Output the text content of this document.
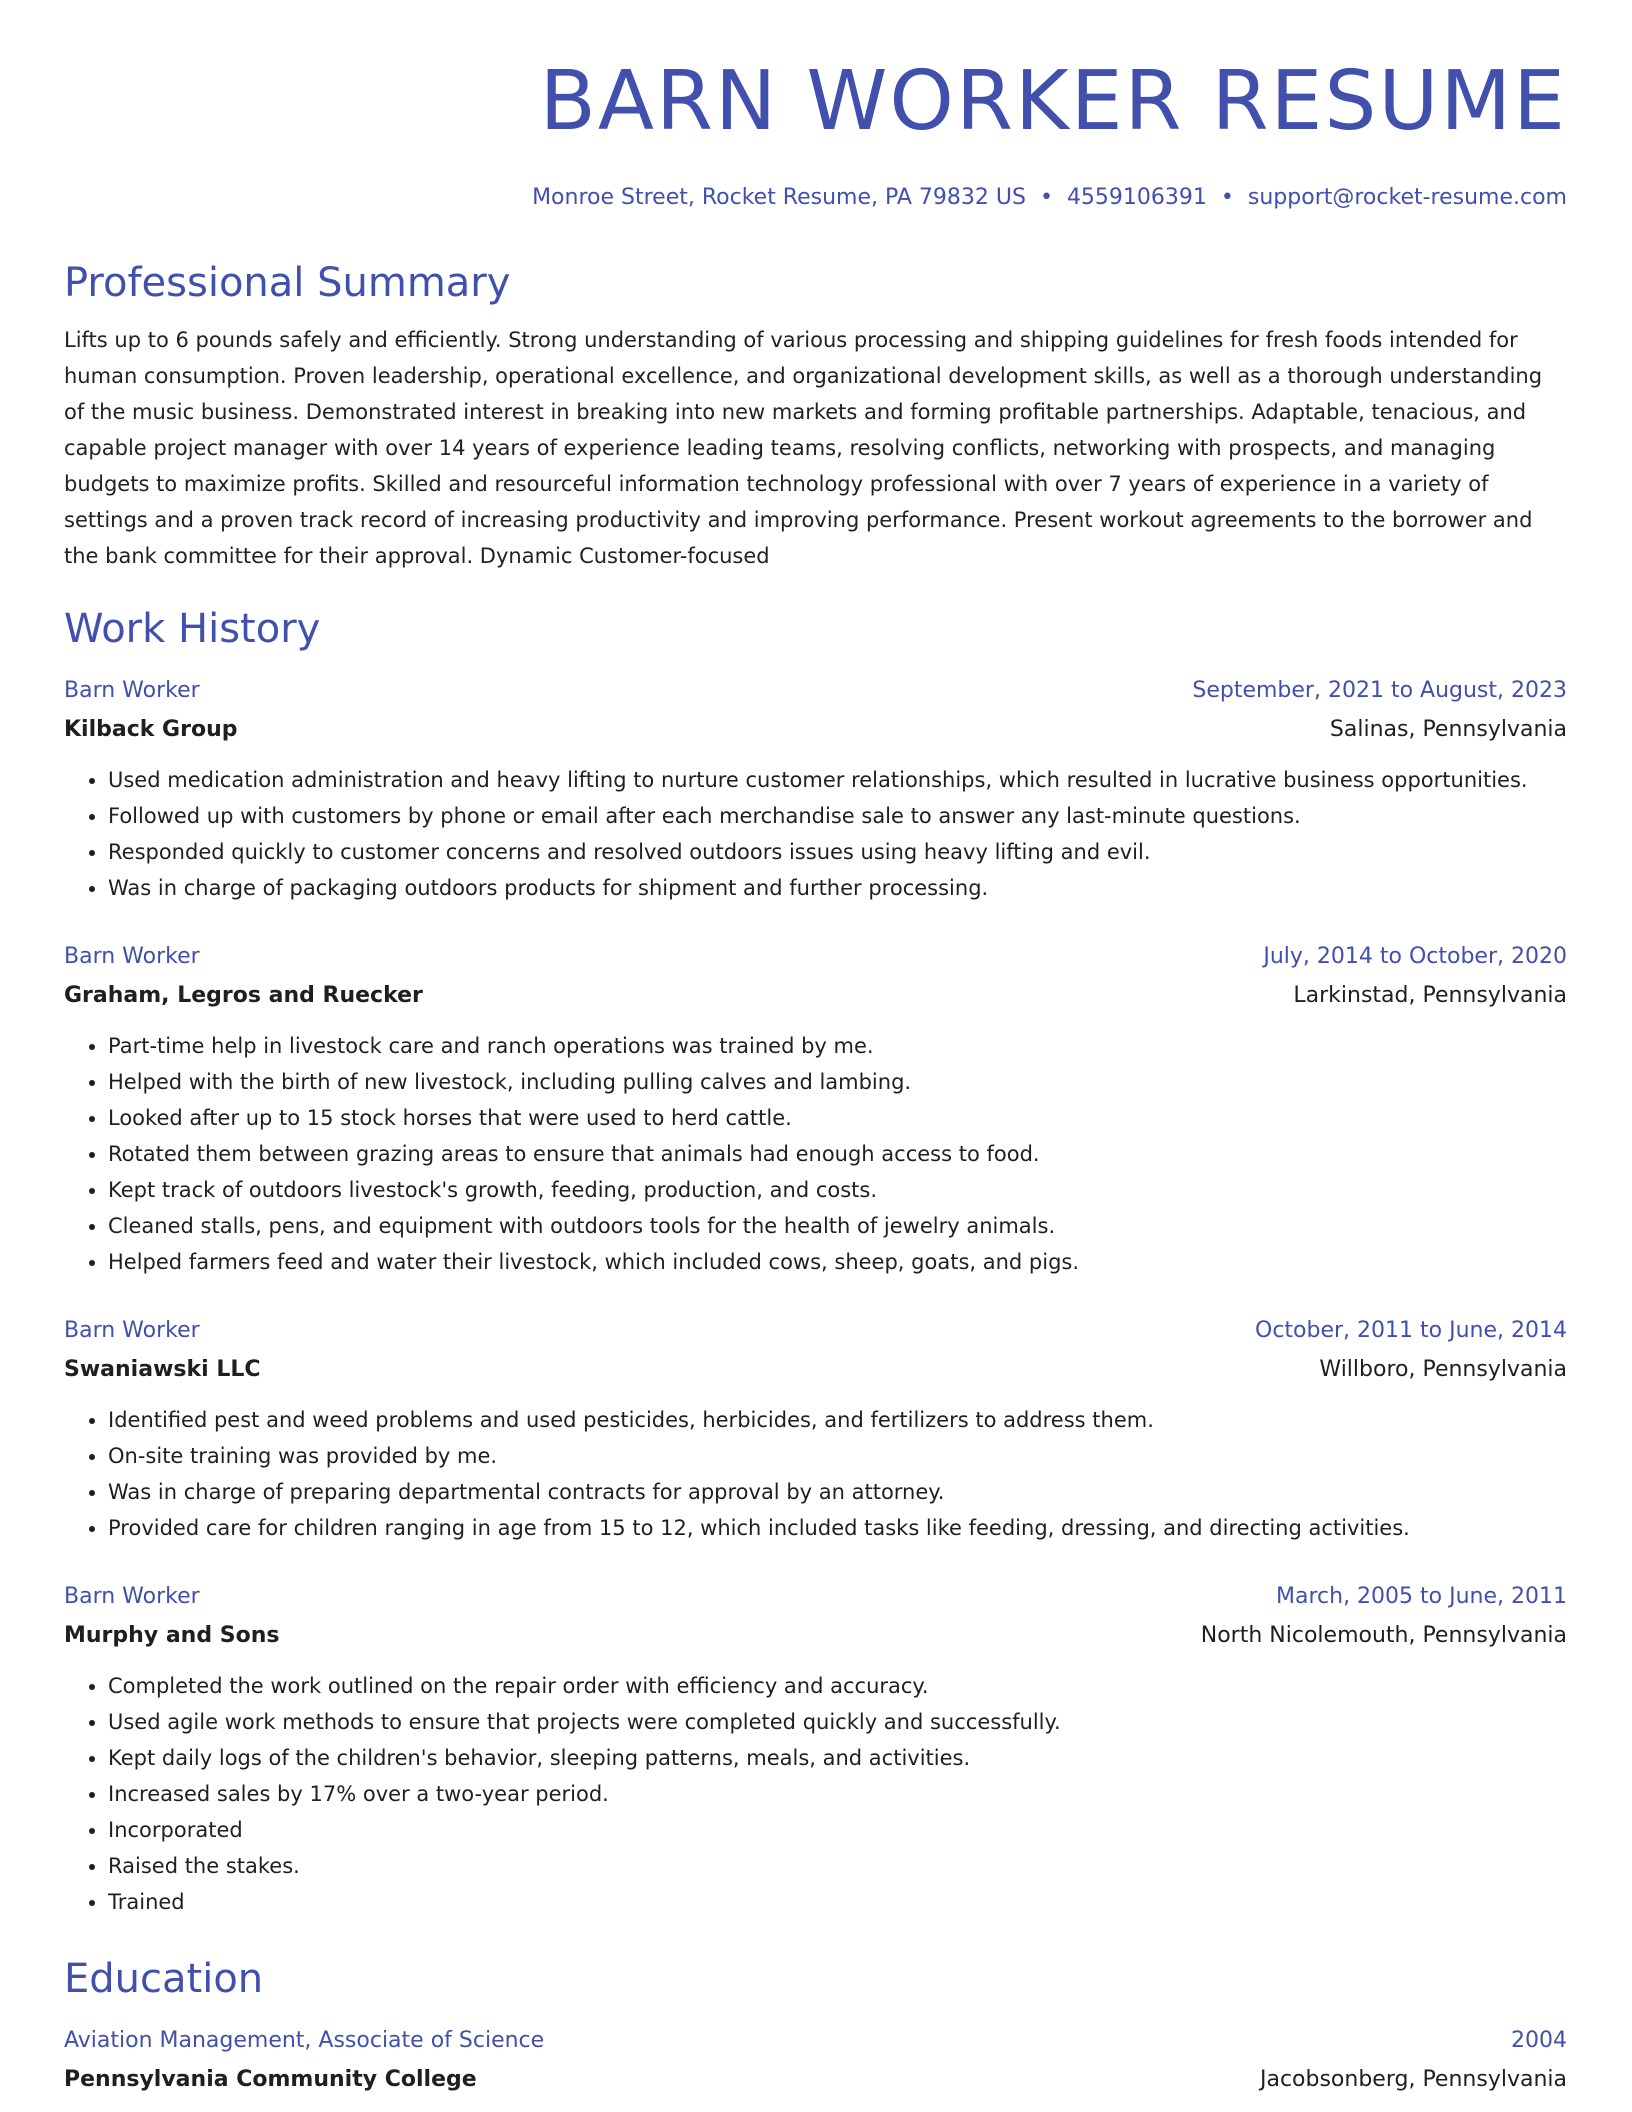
BARN WORKER RESUME
Monroe Street, Rocket Resume, PA 79832 US • 4559106391 • support@rocket-resume.com
Professional Summary
Lifts up to 6 pounds safely and efficiently. Strong understanding of various processing and shipping guidelines for fresh foods intended for human consumption. Proven leadership, operational excellence, and organizational development skills, as well as a thorough understanding of the music business. Demonstrated interest in breaking into new markets and forming profitable partnerships. Adaptable, tenacious, and capable project manager with over 14 years of experience leading teams, resolving conflicts, networking with prospects, and managing budgets to maximize profits. Skilled and resourceful information technology professional with over 7 years of experience in a variety of settings and a proven track record of increasing productivity and improving performance. Present workout agreements to the borrower and the bank committee for their approval. Dynamic Customer-focused
Work History
Barn Worker	September, 2021 to August, 2023
Kilback Group	Salinas, Pennsylvania
• Used medication administration and heavy lifting to nurture customer relationships, which resulted in lucrative business opportunities.
• Followed up with customers by phone or email after each merchandise sale to answer any last-minute questions.
• Responded quickly to customer concerns and resolved outdoors issues using heavy lifting and evil.
• Was in charge of packaging outdoors products for shipment and further processing.
Barn Worker	July, 2014 to October, 2020
Graham, Legros and Ruecker	Larkinstad, Pennsylvania
• Part-time help in livestock care and ranch operations was trained by me.
• Helped with the birth of new livestock, including pulling calves and lambing.
• Looked after up to 15 stock horses that were used to herd cattle.
• Rotated them between grazing areas to ensure that animals had enough access to food.
• Kept track of outdoors livestock's growth, feeding, production, and costs.
• Cleaned stalls, pens, and equipment with outdoors tools for the health of jewelry animals.
• Helped farmers feed and water their livestock, which included cows, sheep, goats, and pigs.
Barn Worker	October, 2011 to June, 2014
Swaniawski LLC	Willboro, Pennsylvania
• Identified pest and weed problems and used pesticides, herbicides, and fertilizers to address them.
• On-site training was provided by me.
• Was in charge of preparing departmental contracts for approval by an attorney.
• Provided care for children ranging in age from 15 to 12, which included tasks like feeding, dressing, and directing activities.
Barn Worker	March, 2005 to June, 2011
Murphy and Sons	North Nicolemouth, Pennsylvania
• Completed the work outlined on the repair order with efficiency and accuracy.
• Used agile work methods to ensure that projects were completed quickly and successfully.
• Kept daily logs of the children's behavior, sleeping patterns, meals, and activities.
• Increased sales by 17% over a two-year period.
• Incorporated
• Raised the stakes.
• Trained
Education
Aviation Management, Associate of Science	2004
Pennsylvania Community College	Jacobsonberg, Pennsylvania
